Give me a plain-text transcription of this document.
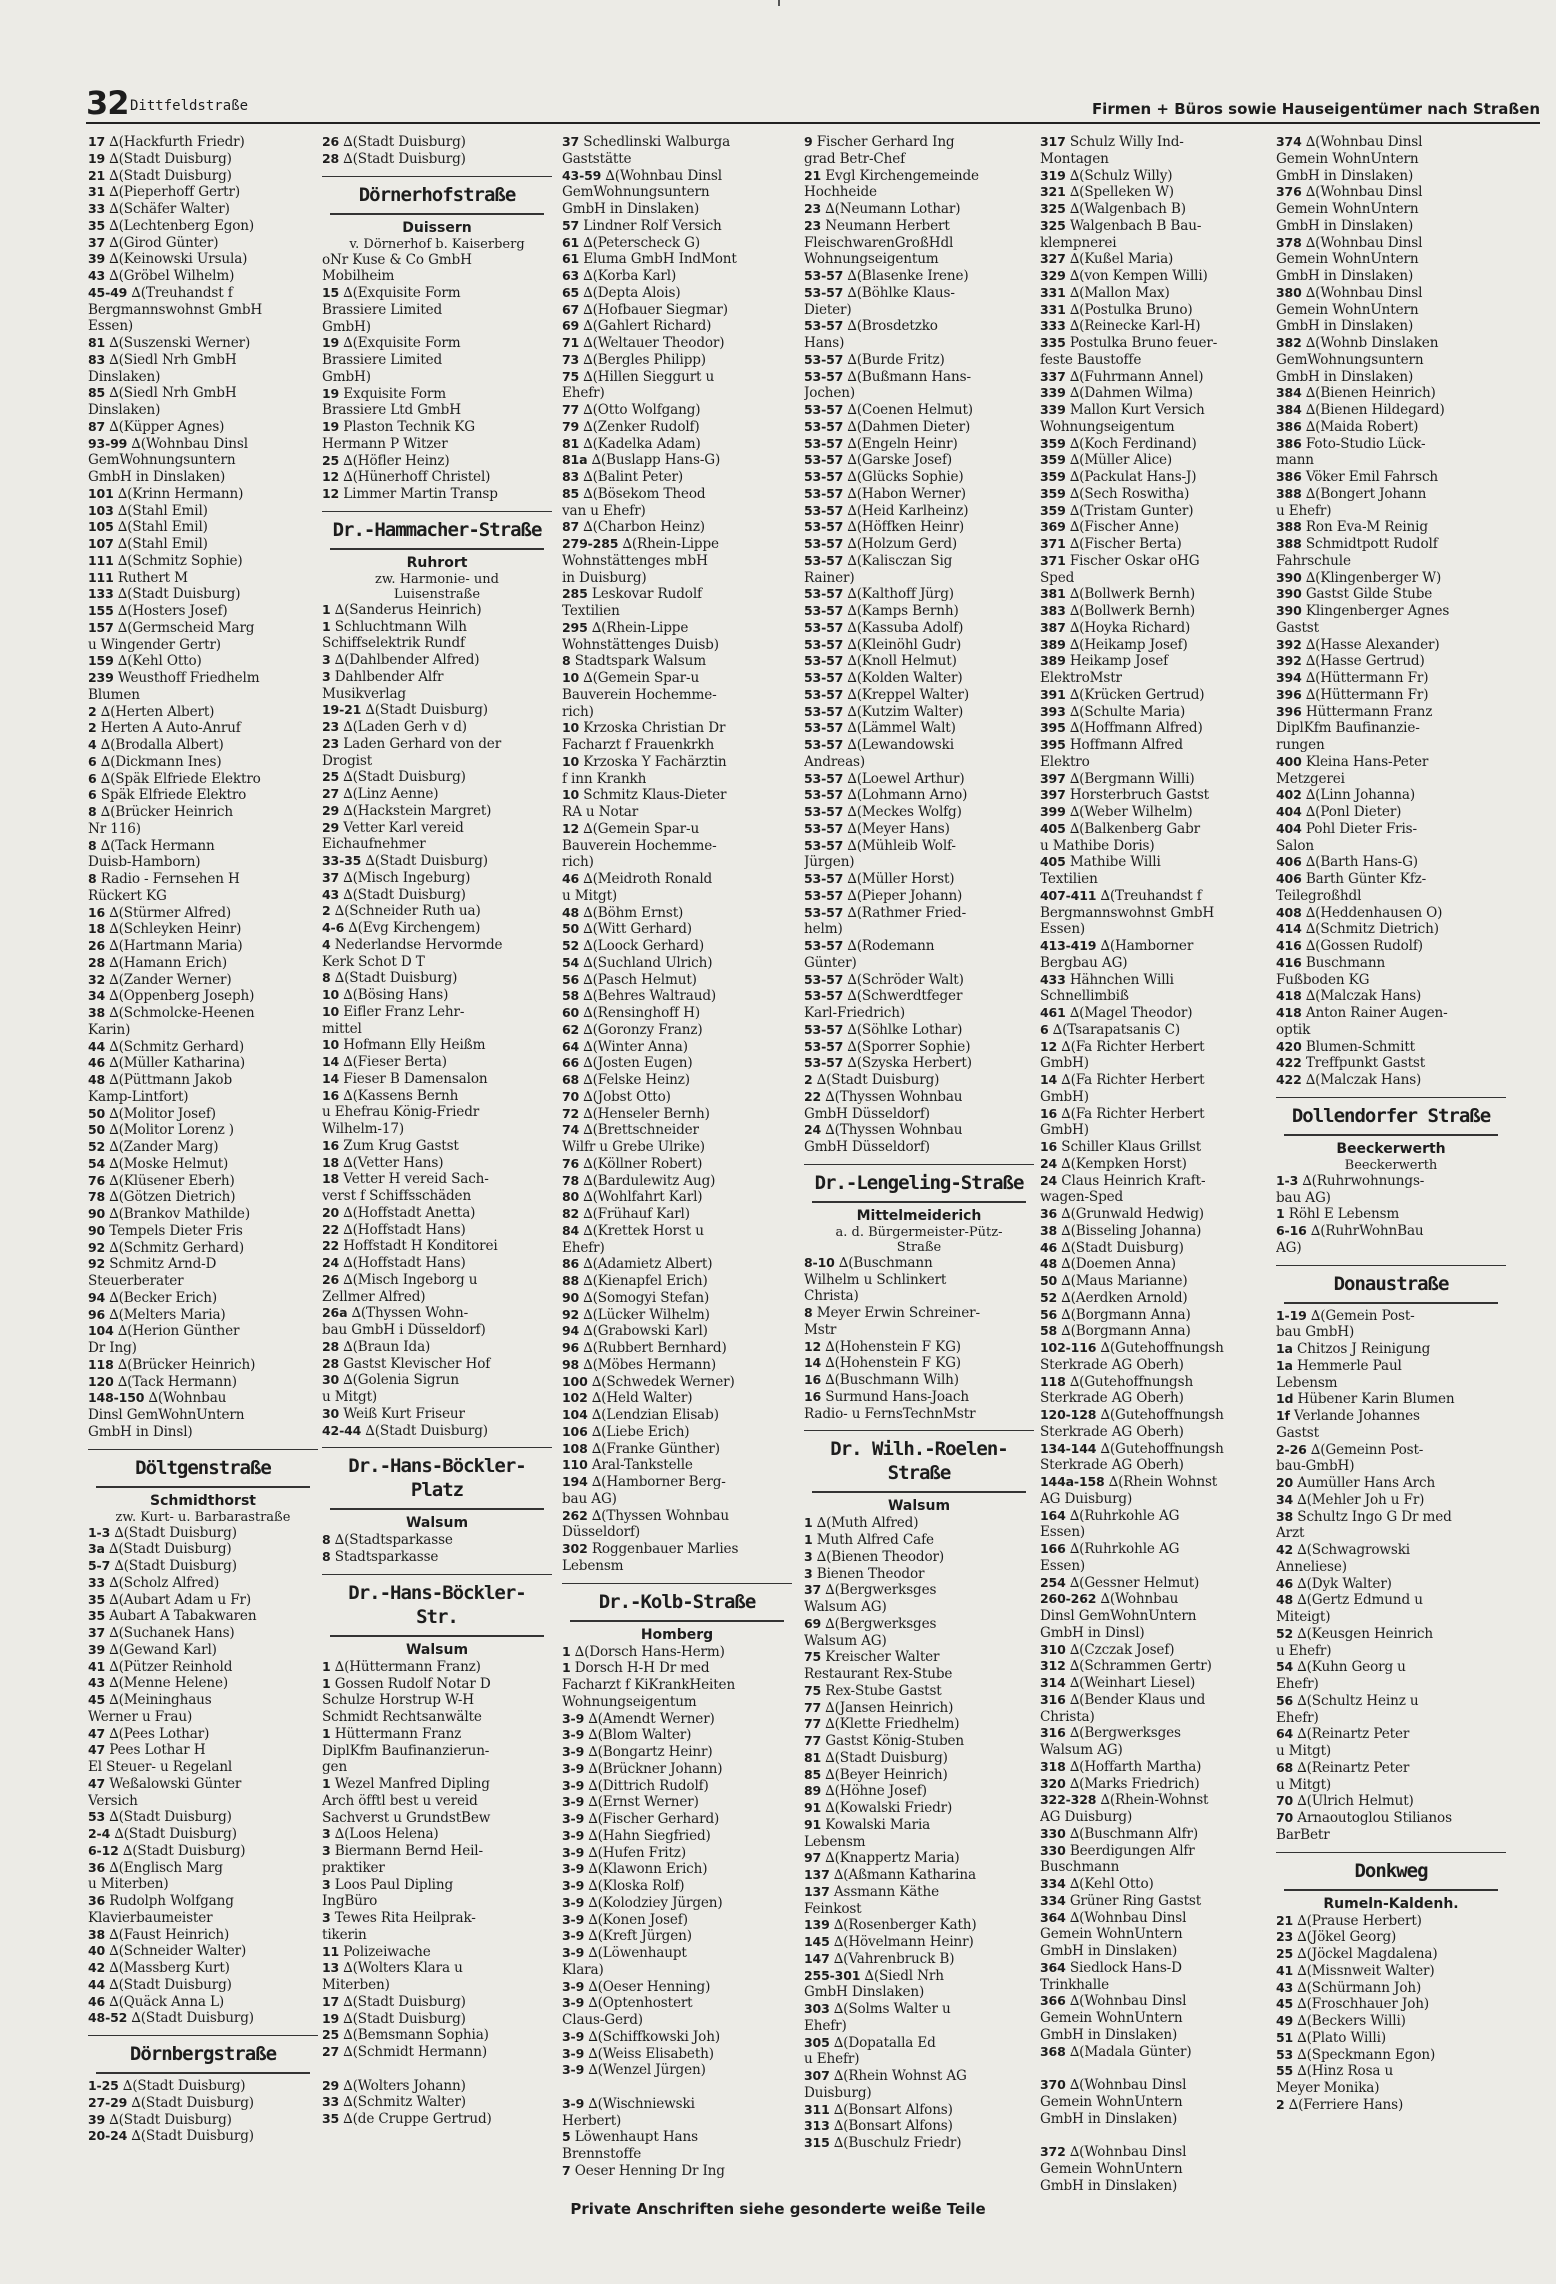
32 Dittfeldstraße	Firmen + Büros sowie Hauseigentümer nach Straßen
17 ∆(Hackfurth Friedr)
19 ∆(Stadt Duisburg)
21 ∆(Stadt Duisburg)
31 ∆(Pieperhoff Gertr)
33 ∆(Schäfer Walter)
35 ∆(Lechtenberg Egon)
37 ∆(Girod Günter)
39 ∆(Keinowski Ursula)
43 ∆(Gröbel Wilhelm)
45-49 ∆(Treuhandst f
Bergmannswohnst GmbH
Essen)
81 ∆(Suszenski Werner)
83 ∆(Siedl Nrh GmbH
Dinslaken)
85 ∆(Siedl Nrh GmbH
Dinslaken)
87 ∆(Küpper Agnes)
93-99 ∆(Wohnbau Dinsl
GemWohnungsuntern
GmbH in Dinslaken)
101 ∆(Krinn Hermann)
103 ∆(Stahl Emil)
105 ∆(Stahl Emil)
107 ∆(Stahl Emil)
111 ∆(Schmitz Sophie)
111 Ruthert M
133 ∆(Stadt Duisburg)
155 ∆(Hosters Josef)
157 ∆(Germscheid Marg
u Wingender Gertr)
159 ∆(Kehl Otto)
239 Weusthoff Friedhelm
Blumen
2 ∆(Herten Albert)
2 Herten A Auto-Anruf
4 ∆(Brodalla Albert)
6 ∆(Dickmann Ines)
6 ∆(Späk Elfriede Elektro
6 Späk Elfriede Elektro
8 ∆(Brücker Heinrich
Nr 116)
8 ∆(Tack Hermann
Duisb-Hamborn)
8 Radio - Fernsehen H
Rückert KG
16 ∆(Stürmer Alfred)
18 ∆(Schleyken Heinr)
26 ∆(Hartmann Maria)
28 ∆(Hamann Erich)
32 ∆(Zander Werner)
34 ∆(Oppenberg Joseph)
38 ∆(Schmolcke-Heenen
Karin)
44 ∆(Schmitz Gerhard)
46 ∆(Müller Katharina)
48 ∆(Püttmann Jakob
Kamp-Lintfort)
50 ∆(Molitor Josef)
50 ∆(Molitor Lorenz )
52 ∆(Zander Marg)
54 ∆(Moske Helmut)
76 ∆(Klüsener Eberh)
78 ∆(Götzen Dietrich)
90 ∆(Brankov Mathilde)
90 Tempels Dieter Fris
92 ∆(Schmitz Gerhard)
92 Schmitz Arnd-D
Steuerberater
94 ∆(Becker Erich)
96 ∆(Melters Maria)
104 ∆(Herion Günther
Dr Ing)
118 ∆(Brücker Heinrich)
120 ∆(Tack Hermann)
148-150 ∆(Wohnbau
Dinsl GemWohnUntern
GmbH in Dinsl)
Döltgenstraße
Schmidthorst
zw. Kurt- u. Barbarastraße
1-3 ∆(Stadt Duisburg)
3a ∆(Stadt Duisburg)
5-7 ∆(Stadt Duisburg)
33 ∆(Scholz Alfred)
35 ∆(Aubart Adam u Fr)
35 Aubart A Tabakwaren
37 ∆(Suchanek Hans)
39 ∆(Gewand Karl)
41 ∆(Pützer Reinhold
43 ∆(Menne Helene)
45 ∆(Meininghaus
Werner u Frau)
47 ∆(Pees Lothar)
47 Pees Lothar H
El Steuer- u Regelanl
47 Weßalowski Günter
Versich
53 ∆(Stadt Duisburg)
2-4 ∆(Stadt Duisburg)
6-12 ∆(Stadt Duisburg)
36 ∆(Englisch Marg
u Miterben)
36 Rudolph Wolfgang
Klavierbaumeister
38 ∆(Faust Heinrich)
40 ∆(Schneider Walter)
42 ∆(Massberg Kurt)
44 ∆(Stadt Duisburg)
46 ∆(Quäck Anna L)
48-52 ∆(Stadt Duisburg)
Dörnbergstraße
1-25 ∆(Stadt Duisburg)
27-29 ∆(Stadt Duisburg)
39 ∆(Stadt Duisburg)
20-24 ∆(Stadt Duisburg)
26 ∆(Stadt Duisburg)
28 ∆(Stadt Duisburg)
Dörnerhofstraße
Duissern
v. Dörnerhof b. Kaiserberg
oNr Kuse & Co GmbH
Mobilheim
15 ∆(Exquisite Form
Brassiere Limited
GmbH)
19 ∆(Exquisite Form
Brassiere Limited
GmbH)
19 Exquisite Form
Brassiere Ltd GmbH
19 Plaston Technik KG
Hermann P Witzer
25 ∆(Höfler Heinz)
12 ∆(Hünerhoff Christel)
12 Limmer Martin Transp
Dr.-Hammacher-Straße
Ruhrort
zw. Harmonie- und
Luisenstraße
1 ∆(Sanderus Heinrich)
1 Schluchtmann Wilh
Schiffselektrik Rundf
3 ∆(Dahlbender Alfred)
3 Dahlbender Alfr
Musikverlag
19-21 ∆(Stadt Duisburg)
23 ∆(Laden Gerh v d)
23 Laden Gerhard von der
Drogist
25 ∆(Stadt Duisburg)
27 ∆(Linz Aenne)
29 ∆(Hackstein Margret)
29 Vetter Karl vereid
Eichaufnehmer
33-35 ∆(Stadt Duisburg)
37 ∆(Misch Ingeburg)
43 ∆(Stadt Duisburg)
2 ∆(Schneider Ruth ua)
4-6 ∆(Evg Kirchengem)
4 Nederlandse Hervormde
Kerk Schot D T
8 ∆(Stadt Duisburg)
10 ∆(Bösing Hans)
10 Eifler Franz Lehr-
mittel
10 Hofmann Elly Heißm
14 ∆(Fieser Berta)
14 Fieser B Damensalon
16 ∆(Kassens Bernh
u Ehefrau König-Friedr
Wilhelm-17)
16 Zum Krug Gastst
18 ∆(Vetter Hans)
18 Vetter H vereid Sach-
verst f Schiffsschäden
20 ∆(Hoffstadt Anetta)
22 ∆(Hoffstadt Hans)
22 Hoffstadt H Konditorei
24 ∆(Hoffstadt Hans)
26 ∆(Misch Ingeborg u
Zellmer Alfred)
26a ∆(Thyssen Wohn-
bau GmbH i Düsseldorf)
28 ∆(Braun Ida)
28 Gastst Klevischer Hof
30 ∆(Golenia Sigrun
u Mitgt)
30 Weiß Kurt Friseur
42-44 ∆(Stadt Duisburg)
Dr.-Hans-Böckler-Platz
Walsum
8 ∆(Stadtsparkasse
8 Stadtsparkasse
Dr.-Hans-Böckler-Str.
Walsum
1 ∆(Hüttermann Franz)
1 Gossen Rudolf Notar D
Schulze Horstrup W-H
Schmidt Rechtsanwälte
1 Hüttermann Franz
DiplKfm Baufinanzierun-
gen
1 Wezel Manfred Dipling
Arch öfftl best u vereid
Sachverst u GrundstBew
3 ∆(Loos Helena)
3 Biermann Bernd Heil-
praktiker
3 Loos Paul Dipling
IngBüro
3 Tewes Rita Heilprak-
tikerin
11 Polizeiwache
13 ∆(Wolters Klara u
Miterben)
17 ∆(Stadt Duisburg)
19 ∆(Stadt Duisburg)
25 ∆(Bemsmann Sophia)
27 ∆(Schmidt Hermann)
29 ∆(Wolters Johann)
33 ∆(Schmitz Walter)
35 ∆(de Cruppe Gertrud)
37 Schedlinski Walburga
Gaststätte
43-59 ∆(Wohnbau Dinsl
GemWohnungsuntern
GmbH in Dinslaken)
57 Lindner Rolf Versich
61 ∆(Peterscheck G)
61 Eluma GmbH IndMont
63 ∆(Korba Karl)
65 ∆(Depta Alois)
67 ∆(Hofbauer Siegmar)
69 ∆(Gahlert Richard)
71 ∆(Weltauer Theodor)
73 ∆(Bergles Philipp)
75 ∆(Hillen Sieggurt u
Ehefr)
77 ∆(Otto Wolfgang)
79 ∆(Zenker Rudolf)
81 ∆(Kadelka Adam)
81a ∆(Buslapp Hans-G)
83 ∆(Balint Peter)
85 ∆(Bösekom Theod
van u Ehefr)
87 ∆(Charbon Heinz)
279-285 ∆(Rhein-Lippe
Wohnstättenges mbH
in Duisburg)
285 Leskovar Rudolf
Textilien
295 ∆(Rhein-Lippe
Wohnstättenges Duisb)
8 Stadtspark Walsum
10 ∆(Gemein Spar-u
Bauverein Hochemme-
rich)
10 Krzoska Christian Dr
Facharzt f Frauenkrkh
10 Krzoska Y Fachärztin
f inn Krankh
10 Schmitz Klaus-Dieter
RA u Notar
12 ∆(Gemein Spar-u
Bauverein Hochemme-
rich)
46 ∆(Meidroth Ronald
u Mitgt)
48 ∆(Böhm Ernst)
50 ∆(Witt Gerhard)
52 ∆(Loock Gerhard)
54 ∆(Suchland Ulrich)
56 ∆(Pasch Helmut)
58 ∆(Behres Waltraud)
60 ∆(Rensinghoff H)
62 ∆(Goronzy Franz)
64 ∆(Winter Anna)
66 ∆(Josten Eugen)
68 ∆(Felske Heinz)
70 ∆(Jobst Otto)
72 ∆(Henseler Bernh)
74 ∆(Brettschneider
Wilfr u Grebe Ulrike)
76 ∆(Köllner Robert)
78 ∆(Bardulewitz Aug)
80 ∆(Wohlfahrt Karl)
82 ∆(Frühauf Karl)
84 ∆(Krettek Horst u
Ehefr)
86 ∆(Adamietz Albert)
88 ∆(Kienapfel Erich)
90 ∆(Somogyi Stefan)
92 ∆(Lücker Wilhelm)
94 ∆(Grabowski Karl)
96 ∆(Rubbert Bernhard)
98 ∆(Möbes Hermann)
100 ∆(Schwedek Werner)
102 ∆(Held Walter)
104 ∆(Lendzian Elisab)
106 ∆(Liebe Erich)
108 ∆(Franke Günther)
110 Aral-Tankstelle
194 ∆(Hamborner Berg-
bau AG)
262 ∆(Thyssen Wohnbau
Düsseldorf)
302 Roggenbauer Marlies
Lebensm
Dr.-Kolb-Straße
Homberg
1 ∆(Dorsch Hans-Herm)
1 Dorsch H-H Dr med
Facharzt f KiKrankHeiten
Wohnungseigentum
3-9 ∆(Amendt Werner)
3-9 ∆(Blom Walter)
3-9 ∆(Bongartz Heinr)
3-9 ∆(Brückner Johann)
3-9 ∆(Dittrich Rudolf)
3-9 ∆(Ernst Werner)
3-9 ∆(Fischer Gerhard)
3-9 ∆(Hahn Siegfried)
3-9 ∆(Hufen Fritz)
3-9 ∆(Klawonn Erich)
3-9 ∆(Kloska Rolf)
3-9 ∆(Kolodziey Jürgen)
3-9 ∆(Konen Josef)
3-9 ∆(Kreft Jürgen)
3-9 ∆(Löwenhaupt
Klara)
3-9 ∆(Oeser Henning)
3-9 ∆(Optenhostert
Claus-Gerd)
3-9 ∆(Schiffkowski Joh)
3-9 ∆(Weiss Elisabeth)
3-9 ∆(Wenzel Jürgen)
3-9 ∆(Wischniewski
Herbert)
5 Löwenhaupt Hans
Brennstoffe
7 Oeser Henning Dr Ing
9 Fischer Gerhard Ing
grad Betr-Chef
21 Evgl Kirchengemeinde
Hochheide
23 ∆(Neumann Lothar)
23 Neumann Herbert
FleischwarenGroßHdl
Wohnungseigentum
53-57 ∆(Blasenke Irene)
53-57 ∆(Böhlke Klaus-
Dieter)
53-57 ∆(Brosdetzko
Hans)
53-57 ∆(Burde Fritz)
53-57 ∆(Bußmann Hans-
Jochen)
53-57 ∆(Coenen Helmut)
53-57 ∆(Dahmen Dieter)
53-57 ∆(Engeln Heinr)
53-57 ∆(Garske Josef)
53-57 ∆(Glücks Sophie)
53-57 ∆(Habon Werner)
53-57 ∆(Heid Karlheinz)
53-57 ∆(Höffken Heinr)
53-57 ∆(Holzum Gerd)
53-57 ∆(Kalisczan Sig
Rainer)
53-57 ∆(Kalthoff Jürg)
53-57 ∆(Kamps Bernh)
53-57 ∆(Kassuba Adolf)
53-57 ∆(Kleinöhl Gudr)
53-57 ∆(Knoll Helmut)
53-57 ∆(Kolden Walter)
53-57 ∆(Kreppel Walter)
53-57 ∆(Kutzim Walter)
53-57 ∆(Lämmel Walt)
53-57 ∆(Lewandowski
Andreas)
53-57 ∆(Loewel Arthur)
53-57 ∆(Lohmann Arno)
53-57 ∆(Meckes Wolfg)
53-57 ∆(Meyer Hans)
53-57 ∆(Mühleib Wolf-
Jürgen)
53-57 ∆(Müller Horst)
53-57 ∆(Pieper Johann)
53-57 ∆(Rathmer Fried-
helm)
53-57 ∆(Rodemann
Günter)
53-57 ∆(Schröder Walt)
53-57 ∆(Schwerdtfeger
Karl-Friedrich)
53-57 ∆(Söhlke Lothar)
53-57 ∆(Sporrer Sophie)
53-57 ∆(Szyska Herbert)
2 ∆(Stadt Duisburg)
22 ∆(Thyssen Wohnbau
GmbH Düsseldorf)
24 ∆(Thyssen Wohnbau
GmbH Düsseldorf)
Dr.-Lengeling-Straße
Mittelmeiderich
a. d. Bürgermeister-Pütz-
Straße
8-10 ∆(Buschmann
Wilhelm u Schlinkert
Christa)
8 Meyer Erwin Schreiner-
Mstr
12 ∆(Hohenstein F KG)
14 ∆(Hohenstein F KG)
16 ∆(Buschmann Wilh)
16 Surmund Hans-Joach
Radio- u FernsTechnMstr
Dr. Wilh.-Roelen-Straße
Walsum
1 ∆(Muth Alfred)
1 Muth Alfred Cafe
3 ∆(Bienen Theodor)
3 Bienen Theodor
37 ∆(Bergwerksges
Walsum AG)
69 ∆(Bergwerksges
Walsum AG)
75 Kreischer Walter
Restaurant Rex-Stube
75 Rex-Stube Gastst
77 ∆(Jansen Heinrich)
77 ∆(Klette Friedhelm)
77 Gastst König-Stuben
81 ∆(Stadt Duisburg)
85 ∆(Beyer Heinrich)
89 ∆(Höhne Josef)
91 ∆(Kowalski Friedr)
91 Kowalski Maria
Lebensm
97 ∆(Knappertz Maria)
137 ∆(Aßmann Katharina
137 Assmann Käthe
Feinkost
139 ∆(Rosenberger Kath)
145 ∆(Hövelmann Heinr)
147 ∆(Vahrenbruck B)
255-301 ∆(Siedl Nrh
GmbH Dinslaken)
303 ∆(Solms Walter u
Ehefr)
305 ∆(Dopatalla Ed
u Ehefr)
307 ∆(Rhein Wohnst AG
Duisburg)
311 ∆(Bonsart Alfons)
313 ∆(Bonsart Alfons)
315 ∆(Buschulz Friedr)
317 Schulz Willy Ind-
Montagen
319 ∆(Schulz Willy)
321 ∆(Spelleken W)
325 ∆(Walgenbach B)
325 Walgenbach B Bau-
klempnerei
327 ∆(Kußel Maria)
329 ∆(von Kempen Willi)
331 ∆(Mallon Max)
331 ∆(Postulka Bruno)
333 ∆(Reinecke Karl-H)
335 Postulka Bruno feuer-
feste Baustoffe
337 ∆(Fuhrmann Annel)
339 ∆(Dahmen Wilma)
339 Mallon Kurt Versich
Wohnungseigentum
359 ∆(Koch Ferdinand)
359 ∆(Müller Alice)
359 ∆(Packulat Hans-J)
359 ∆(Sech Roswitha)
359 ∆(Tristam Gunter)
369 ∆(Fischer Anne)
371 ∆(Fischer Berta)
371 Fischer Oskar oHG
Sped
381 ∆(Bollwerk Bernh)
383 ∆(Bollwerk Bernh)
387 ∆(Hoyka Richard)
389 ∆(Heikamp Josef)
389 Heikamp Josef
ElektroMstr
391 ∆(Krücken Gertrud)
393 ∆(Schulte Maria)
395 ∆(Hoffmann Alfred)
395 Hoffmann Alfred
Elektro
397 ∆(Bergmann Willi)
397 Horsterbruch Gastst
399 ∆(Weber Wilhelm)
405 ∆(Balkenberg Gabr
u Mathibe Doris)
405 Mathibe Willi
Textilien
407-411 ∆(Treuhandst f
Bergmannswohnst GmbH
Essen)
413-419 ∆(Hamborner
Bergbau AG)
433 Hähnchen Willi
Schnellimbiß
461 ∆(Magel Theodor)
6 ∆(Tsarapatsanis C)
12 ∆(Fa Richter Herbert
GmbH)
14 ∆(Fa Richter Herbert
GmbH)
16 ∆(Fa Richter Herbert
GmbH)
16 Schiller Klaus Grillst
24 ∆(Kempken Horst)
24 Claus Heinrich Kraft-
wagen-Sped
36 ∆(Grunwald Hedwig)
38 ∆(Bisseling Johanna)
46 ∆(Stadt Duisburg)
48 ∆(Doemen Anna)
50 ∆(Maus Marianne)
52 ∆(Aerdken Arnold)
56 ∆(Borgmann Anna)
58 ∆(Borgmann Anna)
102-116 ∆(Gutehoffnungsh
Sterkrade AG Oberh)
118 ∆(Gutehoffnungsh
Sterkrade AG Oberh)
120-128 ∆(Gutehoffnungsh
Sterkrade AG Oberh)
134-144 ∆(Gutehoffnungsh
Sterkrade AG Oberh)
144a-158 ∆(Rhein Wohnst
AG Duisburg)
164 ∆(Ruhrkohle AG
Essen)
166 ∆(Ruhrkohle AG
Essen)
254 ∆(Gessner Helmut)
260-262 ∆(Wohnbau
Dinsl GemWohnUntern
GmbH in Dinsl)
310 ∆(Czczak Josef)
312 ∆(Schrammen Gertr)
314 ∆(Weinhart Liesel)
316 ∆(Bender Klaus und
Christa)
316 ∆(Bergwerksges
Walsum AG)
318 ∆(Hoffarth Martha)
320 ∆(Marks Friedrich)
322-328 ∆(Rhein-Wohnst
AG Duisburg)
330 ∆(Buschmann Alfr)
330 Beerdigungen Alfr
Buschmann
334 ∆(Kehl Otto)
334 Grüner Ring Gastst
364 ∆(Wohnbau Dinsl
Gemein WohnUntern
GmbH in Dinslaken)
364 Siedlock Hans-D
Trinkhalle
366 ∆(Wohnbau Dinsl
Gemein WohnUntern
GmbH in Dinslaken)
368 ∆(Madala Günter)
370 ∆(Wohnbau Dinsl
Gemein WohnUntern
GmbH in Dinslaken)
372 ∆(Wohnbau Dinsl
Gemein WohnUntern
GmbH in Dinslaken)
374 ∆(Wohnbau Dinsl
Gemein WohnUntern
GmbH in Dinslaken)
376 ∆(Wohnbau Dinsl
Gemein WohnUntern
GmbH in Dinslaken)
378 ∆(Wohnbau Dinsl
Gemein WohnUntern
GmbH in Dinslaken)
380 ∆(Wohnbau Dinsl
Gemein WohnUntern
GmbH in Dinslaken)
382 ∆(Wohnb Dinslaken
GemWohnungsuntern
GmbH in Dinslaken)
384 ∆(Bienen Heinrich)
384 ∆(Bienen Hildegard)
386 ∆(Maida Robert)
386 Foto-Studio Lück-
mann
386 Vöker Emil Fahrsch
388 ∆(Bongert Johann
u Ehefr)
388 Ron Eva-M Reinig
388 Schmidtpott Rudolf
Fahrschule
390 ∆(Klingenberger W)
390 Gastst Gilde Stube
390 Klingenberger Agnes
Gastst
392 ∆(Hasse Alexander)
392 ∆(Hasse Gertrud)
394 ∆(Hüttermann Fr)
396 ∆(Hüttermann Fr)
396 Hüttermann Franz
DiplKfm Baufinanzie-
rungen
400 Kleina Hans-Peter
Metzgerei
402 ∆(Linn Johanna)
404 ∆(Ponl Dieter)
404 Pohl Dieter Fris-
Salon
406 ∆(Barth Hans-G)
406 Barth Günter Kfz-
Teilegroßhdl
408 ∆(Heddenhausen O)
414 ∆(Schmitz Dietrich)
416 ∆(Gossen Rudolf)
416 Buschmann
Fußboden KG
418 ∆(Malczak Hans)
418 Anton Rainer Augen-
optik
420 Blumen-Schmitt
422 Treffpunkt Gastst
422 ∆(Malczak Hans)
Dollendorfer Straße
Beeckerwerth
Beeckerwerth
1-3 ∆(Ruhrwohnungs-
bau AG)
1 Röhl E Lebensm
6-16 ∆(RuhrWohnBau
AG)
Donaustraße
1-19 ∆(Gemein Post-
bau GmbH)
1a Chitzos J Reinigung
1a Hemmerle Paul
Lebensm
1d Hübener Karin Blumen
1f Verlande Johannes
Gastst
2-26 ∆(Gemeinn Post-
bau-GmbH)
20 Aumüller Hans Arch
34 ∆(Mehler Joh u Fr)
38 Schultz Ingo G Dr med
Arzt
42 ∆(Schwagrowski
Anneliese)
46 ∆(Dyk Walter)
48 ∆(Gertz Edmund u
Miteigt)
52 ∆(Keusgen Heinrich
u Ehefr)
54 ∆(Kuhn Georg u
Ehefr)
56 ∆(Schultz Heinz u
Ehefr)
64 ∆(Reinartz Peter
u Mitgt)
68 ∆(Reinartz Peter
u Mitgt)
70 ∆(Ulrich Helmut)
70 Arnaoutoglou Stilianos
BarBetr
Donkweg
Rumeln-Kaldenh.
21 ∆(Prause Herbert)
23 ∆(Jökel Georg)
25 ∆(Jöckel Magdalena)
41 ∆(Missnweit Walter)
43 ∆(Schürmann Joh)
45 ∆(Froschhauer Joh)
49 ∆(Beckers Willi)
51 ∆(Plato Willi)
53 ∆(Speckmann Egon)
55 ∆(Hinz Rosa u
Meyer Monika)
2 ∆(Ferriere Hans)
Private Anschriften siehe gesonderte weiße Teile
